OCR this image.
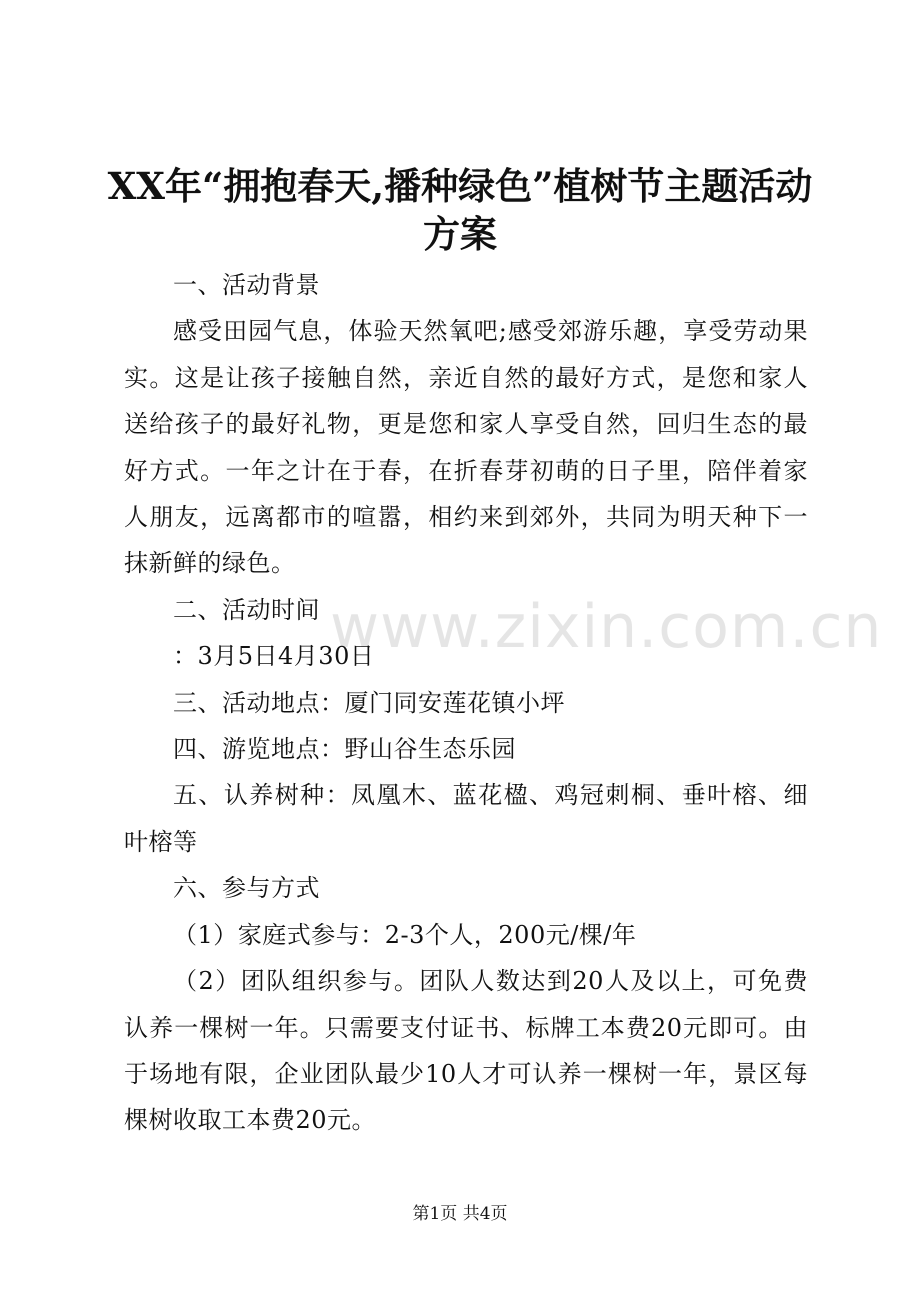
XX年“拥抱春天,播种绿色”植树节主题活动方案

一、活动背景

感受田园气息，体验天然氧吧;感受郊游乐趣，享受劳动果实。这是让孩子接触自然，亲近自然的最好方式，是您和家人送给孩子的最好礼物，更是您和家人享受自然，回归生态的最好方式。一年之计在于春，在折春芽初萌的日子里，陪伴着家人朋友，远离都市的喧嚣，相约来到郊外，共同为明天种下一抹新鲜的绿色。

二、活动时间

：3月5日4月30日

三、活动地点：厦门同安莲花镇小坪

四、游览地点：野山谷生态乐园

五、认养树种：凤凰木、蓝花楹、鸡冠刺桐、垂叶榕、细叶榕等

六、参与方式

（1）家庭式参与：2-3个人，200元/棵/年

（2）团队组织参与。团队人数达到20人及以上，可免费认养一棵树一年。只需要支付证书、标牌工本费20元即可。由于场地有限，企业团队最少10人才可认养一棵树一年，景区每棵树收取工本费20元。

www.zixin.com.cn
第1页 共4页
